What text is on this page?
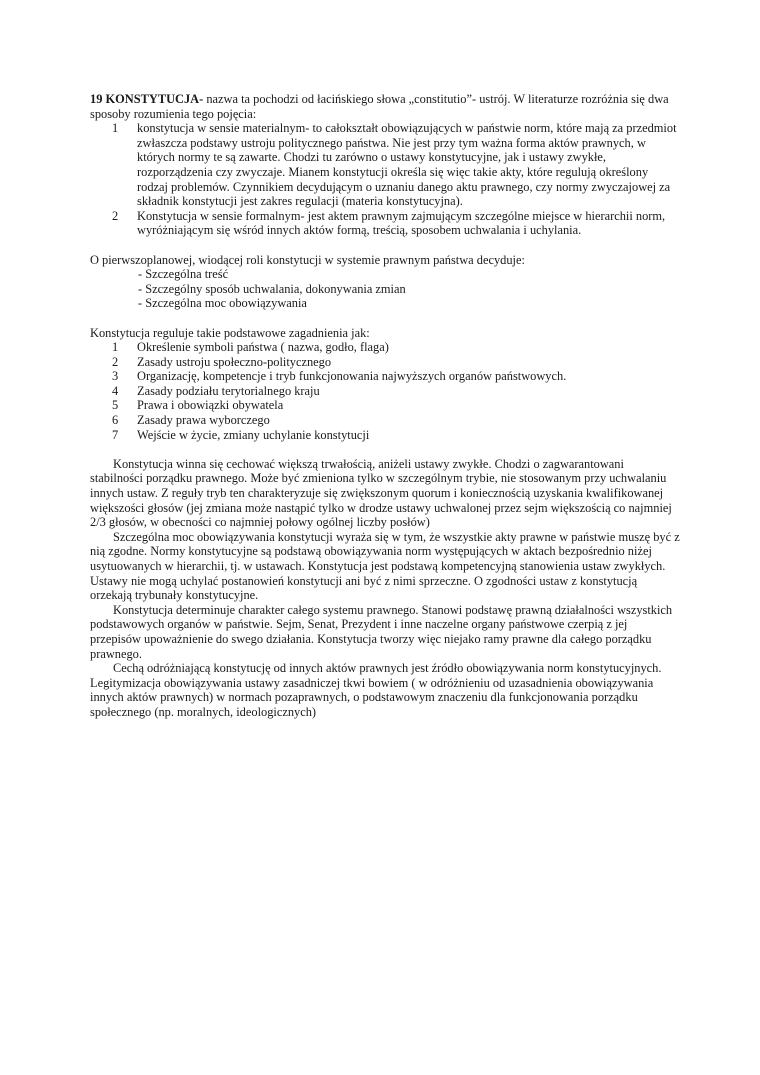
19 KONSTYTUCJA- nazwa ta pochodzi od łacińskiego słowa „constitutio”- ustrój. W literaturze rozróżnia się dwa sposoby rozumienia tego pojęcia:

1 konstytucja w sensie materialnym- to całokształt obowiązujących w państwie norm, które mają za przedmiot zwłaszcza podstawy ustroju politycznego państwa. Nie jest przy tym ważna forma aktów prawnych, w których normy te są zawarte. Chodzi tu zarówno o ustawy konstytucyjne, jak i ustawy zwykłe, rozporządzenia czy zwyczaje. Mianem konstytucji określa się więc takie akty, które regulują określony rodzaj problemów. Czynnikiem decydującym o uznaniu danego aktu prawnego, czy normy zwyczajowej za składnik konstytucji jest zakres regulacji (materia konstytucyjna).
2 Konstytucja w sensie formalnym- jest aktem prawnym zajmującym szczególne miejsce w hierarchii norm, wyróżniającym się wśród innych aktów formą, treścią, sposobem uchwalania i uchylania.

O pierwszoplanowej, wiodącej roli konstytucji w systemie prawnym państwa decyduje:

- Szczególna treść
- Szczególny sposób uchwalania, dokonywania zmian
- Szczególna moc obowiązywania

Konstytucja reguluje takie podstawowe zagadnienia jak:

1 Określenie symboli państwa ( nazwa, godło, flaga)
2 Zasady ustroju społeczno-politycznego
3 Organizację, kompetencje i tryb funkcjonowania najwyższych organów państwowych.
4 Zasady podziału terytorialnego kraju
5 Prawa i obowiązki obywatela
6 Zasady prawa wyborczego
7 Wejście w życie, zmiany uchylanie konstytucji

Konstytucja winna się cechować większą trwałością, aniżeli ustawy zwykłe. Chodzi o zagwarantowani stabilności porządku prawnego. Może być zmieniona tylko w szczególnym trybie, nie stosowanym przy uchwalaniu innych ustaw. Z reguły tryb ten charakteryzuje się zwiększonym quorum i koniecznością uzyskania kwalifikowanej większości głosów (jej zmiana może nastąpić tylko w drodze ustawy uchwalonej przez sejm większością co najmniej 2/3 głosów, w obecności co najmniej połowy ogólnej liczby posłów)

Szczególna moc obowiązywania konstytucji wyraża się w tym, że wszystkie akty prawne w państwie muszę być z nią zgodne. Normy konstytucyjne są podstawą obowiązywania norm występujących w aktach bezpośrednio niżej usytuowanych w hierarchii, tj. w ustawach. Konstytucja jest podstawą kompetencyjną stanowienia ustaw zwykłych. Ustawy nie mogą uchylać postanowień konstytucji ani być z nimi sprzeczne. O zgodności ustaw z konstytucją orzekają trybunały konstytucyjne.

Konstytucja determinuje charakter całego systemu prawnego. Stanowi podstawę prawną działalności wszystkich podstawowych organów w państwie. Sejm, Senat, Prezydent i inne naczelne organy państwowe czerpią z jej przepisów upoważnienie do swego działania. Konstytucja tworzy więc niejako ramy prawne dla całego porządku prawnego.

Cechą odróżniającą konstytucję od innych aktów prawnych jest źródło obowiązywania norm konstytucyjnych. Legitymizacja obowiązywania ustawy zasadniczej tkwi bowiem ( w odróżnieniu od uzasadnienia obowiązywania innych aktów prawnych) w normach pozaprawnych, o podstawowym znaczeniu dla funkcjonowania porządku społecznego (np. moralnych, ideologicznych)
